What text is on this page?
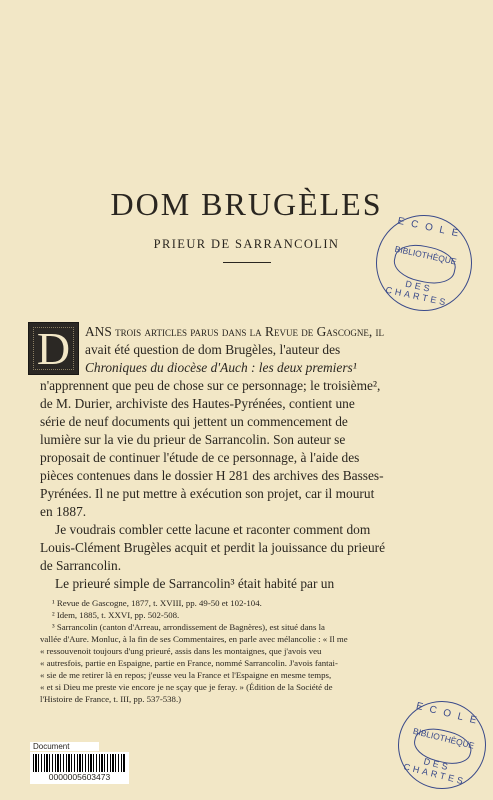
DOM BRUGÈLES
PRIEUR DE SARRANCOLIN
ECOLE
BIBLIOTHÈQUE
DES CHARTES
D	ANS trois articles parus dans la Revue de Gascogne, il
avait été question de dom Brugèles, l'auteur des
Chroniques du diocèse d'Auch : les deux premiers¹
n'apprennent que peu de chose sur ce personnage; le troisième²,
de M. Durier, archiviste des Hautes-Pyrénées, contient une
série de neuf documents qui jettent un commencement de
lumière sur la vie du prieur de Sarrancolin. Son auteur se
proposait de continuer l'étude de ce personnage, à l'aide des
pièces contenues dans le dossier H 281 des archives des Basses-
Pyrénées. Il ne put mettre à exécution son projet, car il mourut
en 1887.
Je voudrais combler cette lacune et raconter comment dom
Louis-Clément Brugèles acquit et perdit la jouissance du prieuré
de Sarrancolin.
Le prieuré simple de Sarrancolin³ était habité par un
¹ Revue de Gascogne, 1877, t. XVIII, pp. 49-50 et 102-104.
² Idem, 1885, t. XXVI, pp. 502-508.
³ Sarrancolin (canton d'Arreau, arrondissement de Bagnères), est situé dans la
vallée d'Aure. Monluc, à la fin de ses Commentaires, en parle avec mélancolie : « Il me
« ressouvenoit toujours d'ung prieuré, assis dans les montaignes, que j'avois veu
« autresfois, partie en Espaigne, partie en France, nommé Sarrancolin. J'avois fantai-
« sie de me retirer là en repos; j'eusse veu la France et l'Espaigne en mesme temps,
« et si Dieu me preste vie encore je ne sçay que je feray. » (Édition de la Société de
l'Histoire de France, t. III, pp. 537-538.)
ECOLE
BIBLIOTHÈQUE
DES CHARTES
Document
0000005603473
